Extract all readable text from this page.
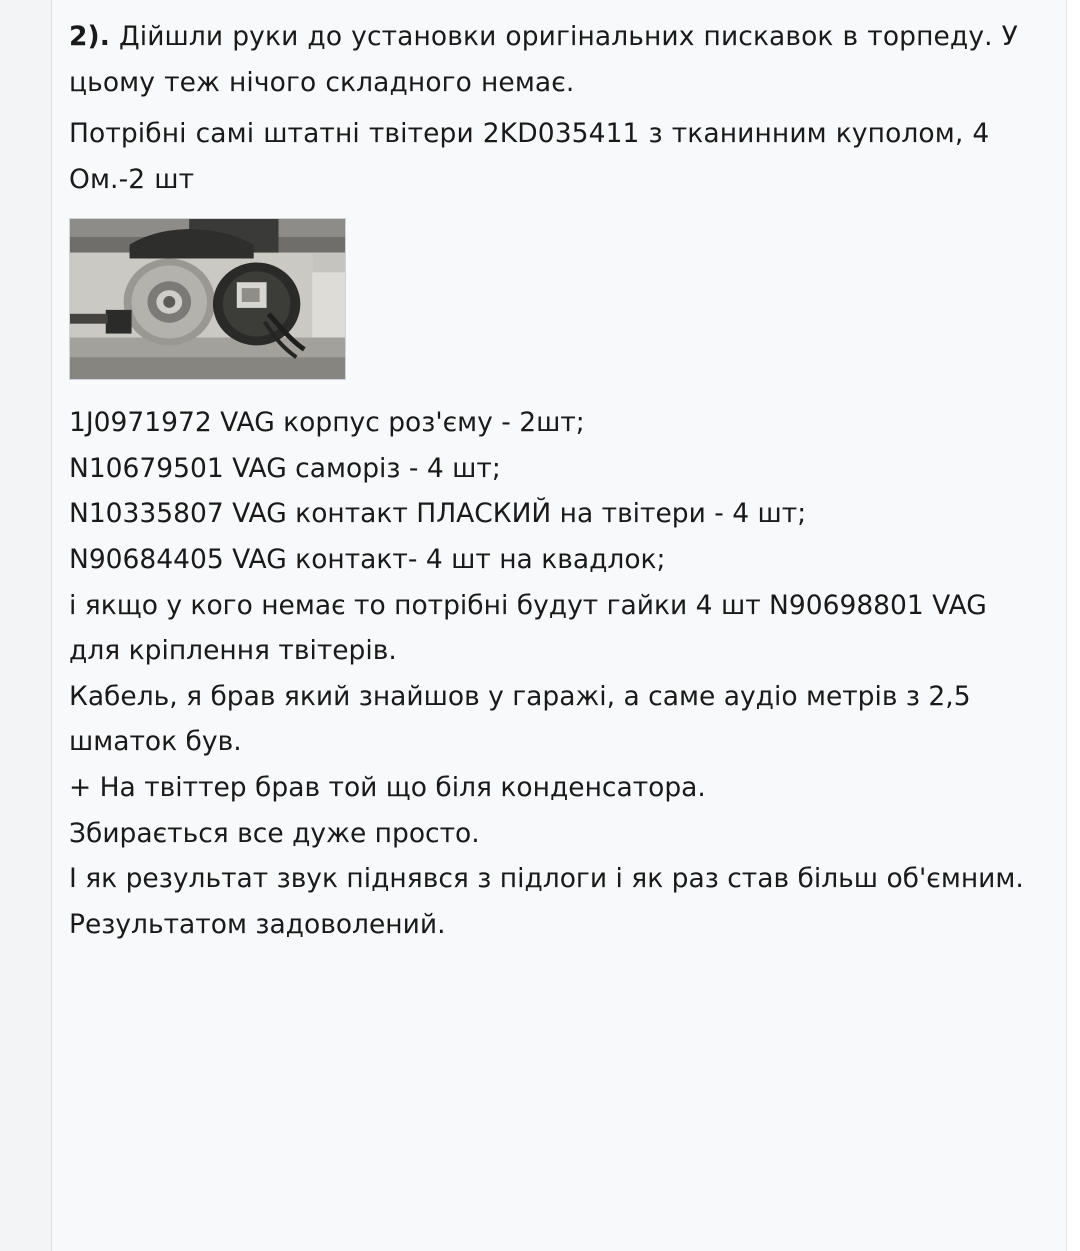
2). Дійшли руки до установки оригінальних пискавок в торпеду. У цьому теж нічого складного немає.

Потрібні самі штатні твітери 2KD035411 з тканинним куполом, 4 Ом.-2 шт

1J0971972 VAG корпус роз'єму - 2шт;

N10679501 VAG саморіз - 4 шт;

N10335807 VAG контакт ПЛАСКИЙ на твітери - 4 шт;

N90684405 VAG контакт- 4 шт на квадлок;

і якщо у кого немає то потрібні будут гайки 4 шт N90698801 VAG для кріплення твітерів.

Кабель, я брав який знайшов у гаражі, а саме аудіо метрів з 2,5 шматок був.

+ На твіттер брав той що біля конденсатора.

Збирається все дуже просто.

І як результат звук піднявся з підлоги і як раз став більш об'ємним. Результатом задоволений.
